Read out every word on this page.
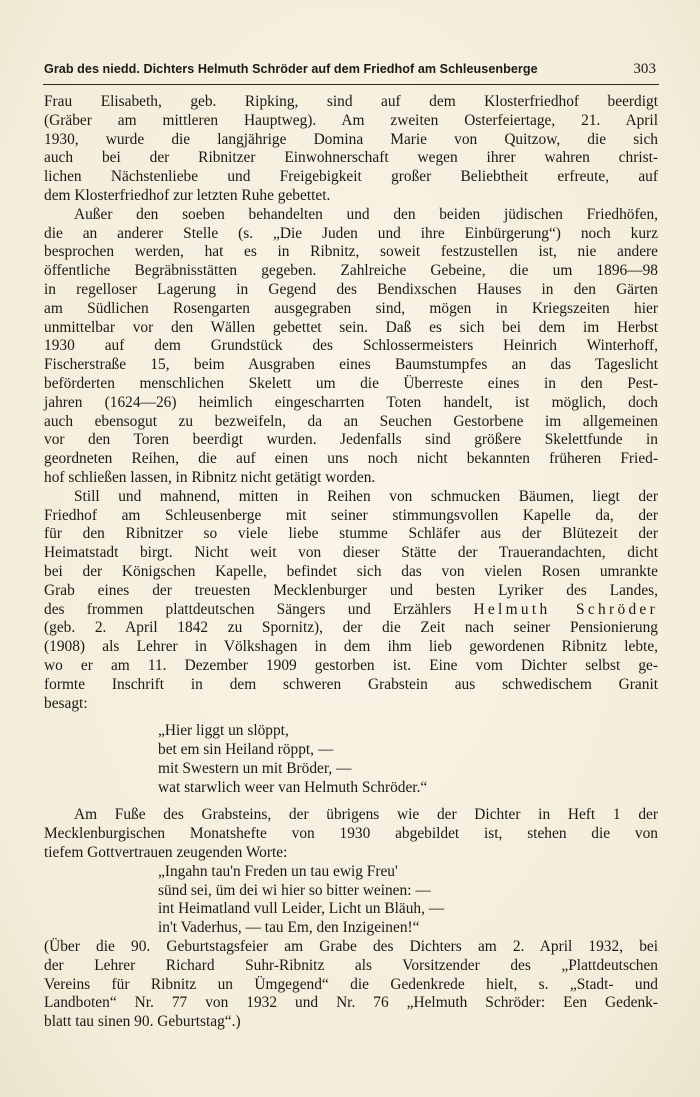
Grab des niedd. Dichters Helmuth Schröder auf dem Friedhof am Schleusenberge	303
Frau Elisabeth, geb. Ripking, sind auf dem Klosterfriedhof beerdigt
(Gräber am mittleren Hauptweg). Am zweiten Osterfeiertage, 21. April
1930, wurde die langjährige Domina Marie von Quitzow, die sich
auch bei der Ribnitzer Einwohnerschaft wegen ihrer wahren christ-
lichen Nächstenliebe und Freigebigkeit großer Beliebtheit erfreute, auf
dem Klosterfriedhof zur letzten Ruhe gebettet.
Außer den soeben behandelten und den beiden jüdischen Friedhöfen,
die an anderer Stelle (s. „Die Juden und ihre Einbürgerung“) noch kurz
besprochen werden, hat es in Ribnitz, soweit festzustellen ist, nie andere
öffentliche Begräbnisstätten gegeben. Zahlreiche Gebeine, die um 1896—98
in regelloser Lagerung in Gegend des Bendixschen Hauses in den Gärten
am Südlichen Rosengarten ausgegraben sind, mögen in Kriegszeiten hier
unmittelbar vor den Wällen gebettet sein. Daß es sich bei dem im Herbst
1930 auf dem Grundstück des Schlossermeisters Heinrich Winterhoff,
Fischerstraße 15, beim Ausgraben eines Baumstumpfes an das Tageslicht
beförderten menschlichen Skelett um die Überreste eines in den Pest-
jahren (1624—26) heimlich eingescharrten Toten handelt, ist möglich, doch
auch ebensogut zu bezweifeln, da an Seuchen Gestorbene im allgemeinen
vor den Toren beerdigt wurden. Jedenfalls sind größere Skelettfunde in
geordneten Reihen, die auf einen uns noch nicht bekannten früheren Fried-
hof schließen lassen, in Ribnitz nicht getätigt worden.
Still und mahnend, mitten in Reihen von schmucken Bäumen, liegt der
Friedhof am Schleusenberge mit seiner stimmungsvollen Kapelle da, der
für den Ribnitzer so viele liebe stumme Schläfer aus der Blütezeit der
Heimatstadt birgt. Nicht weit von dieser Stätte der Trauerandachten, dicht
bei der Königschen Kapelle, befindet sich das von vielen Rosen umrankte
Grab eines der treuesten Mecklenburger und besten Lyriker des Landes,
des frommen plattdeutschen Sängers und Erzählers Helmuth Schröder
(geb. 2. April 1842 zu Spornitz), der die Zeit nach seiner Pensionierung
(1908) als Lehrer in Völkshagen in dem ihm lieb gewordenen Ribnitz lebte,
wo er am 11. Dezember 1909 gestorben ist. Eine vom Dichter selbst ge-
formte Inschrift in dem schweren Grabstein aus schwedischem Granit
besagt:
„Hier liggt un slöppt,
bet em sin Heiland röppt, —
mit Swestern un mit Bröder, —
wat starwlich weer van Helmuth Schröder.“
Am Fuße des Grabsteins, der übrigens wie der Dichter in Heft 1 der
Mecklenburgischen Monatshefte von 1930 abgebildet ist, stehen die von
tiefem Gottvertrauen zeugenden Worte:
„Ingahn tau'n Freden un tau ewig Freu'
sünd sei, üm dei wi hier so bitter weinen: —
int Heimatland vull Leider, Licht un Bläuh, —
in't Vaderhus, — tau Em, den Inzigeinen!“
(Über die 90. Geburtstagsfeier am Grabe des Dichters am 2. April 1932, bei
der Lehrer Richard Suhr-Ribnitz als Vorsitzender des „Plattdeutschen
Vereins für Ribnitz un Ümgegend“ die Gedenkrede hielt, s. „Stadt- und
Landboten“ Nr. 77 von 1932 und Nr. 76 „Helmuth Schröder: Een Gedenk-
blatt tau sinen 90. Geburtstag“.)
